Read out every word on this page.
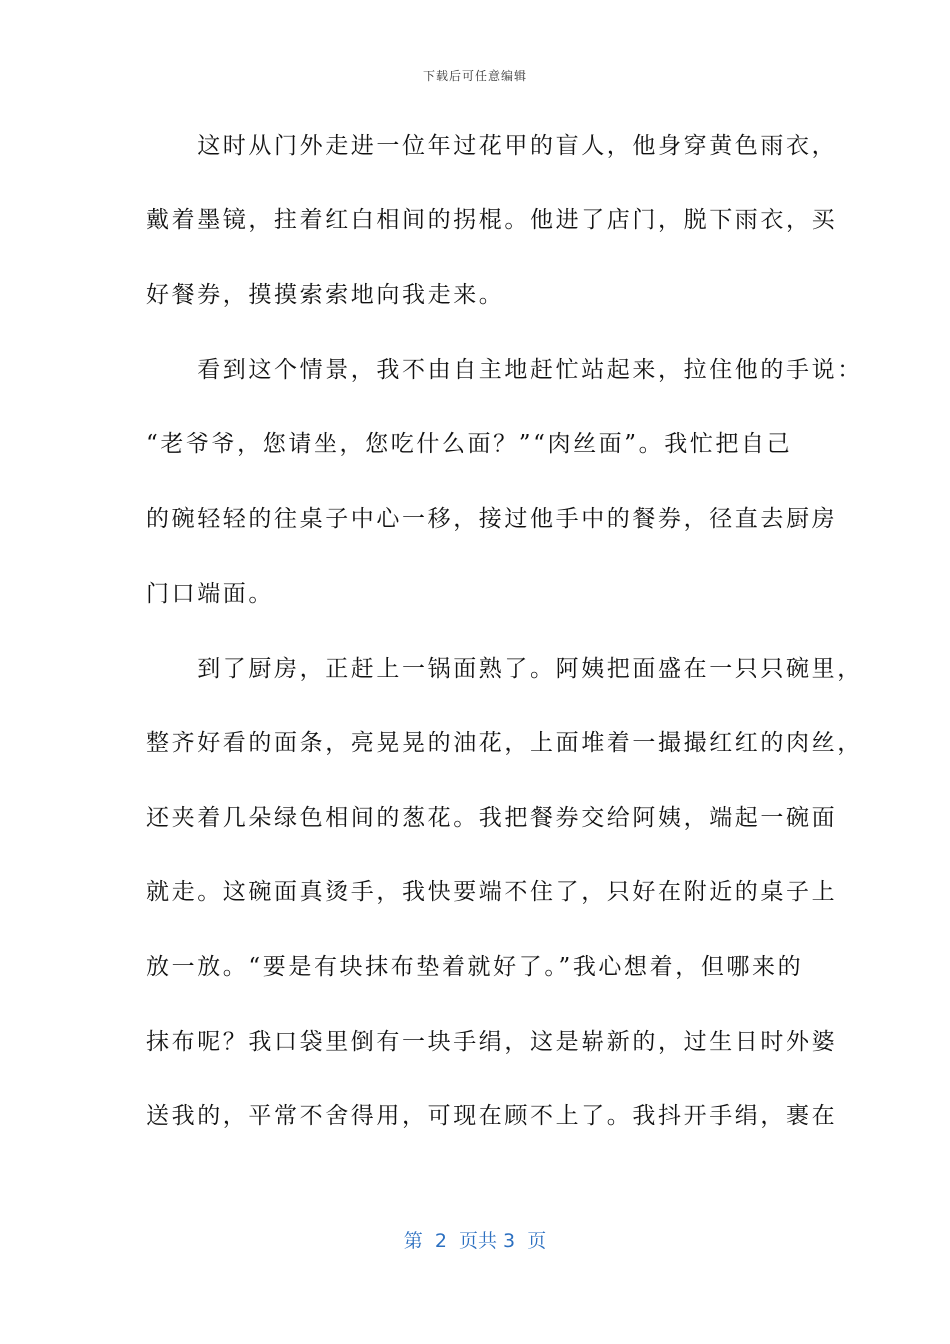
下载后可任意编辑
　　这时从门外走进一位年过花甲的盲人，他身穿黄色雨衣，
戴着墨镜，拄着红白相间的拐棍。他进了店门，脱下雨衣，买
好餐券，摸摸索索地向我走来。
　　看到这个情景，我不由自主地赶忙站起来，拉住他的手说：
“老爷爷，您请坐，您吃什么面？”“肉丝面”。我忙把自己
的碗轻轻的往桌子中心一移，接过他手中的餐券，径直去厨房
门口端面。
　　到了厨房，正赶上一锅面熟了。阿姨把面盛在一只只碗里，
整齐好看的面条，亮晃晃的油花，上面堆着一撮撮红红的肉丝，
还夹着几朵绿色相间的葱花。我把餐券交给阿姨，端起一碗面
就走。这碗面真烫手，我快要端不住了，只好在附近的桌子上
放一放。“要是有块抹布垫着就好了。”我心想着，但哪来的
抹布呢？我口袋里倒有一块手绢，这是崭新的，过生日时外婆
送我的，平常不舍得用，可现在顾不上了。我抖开手绢，裹在
第  2  页共 3  页
